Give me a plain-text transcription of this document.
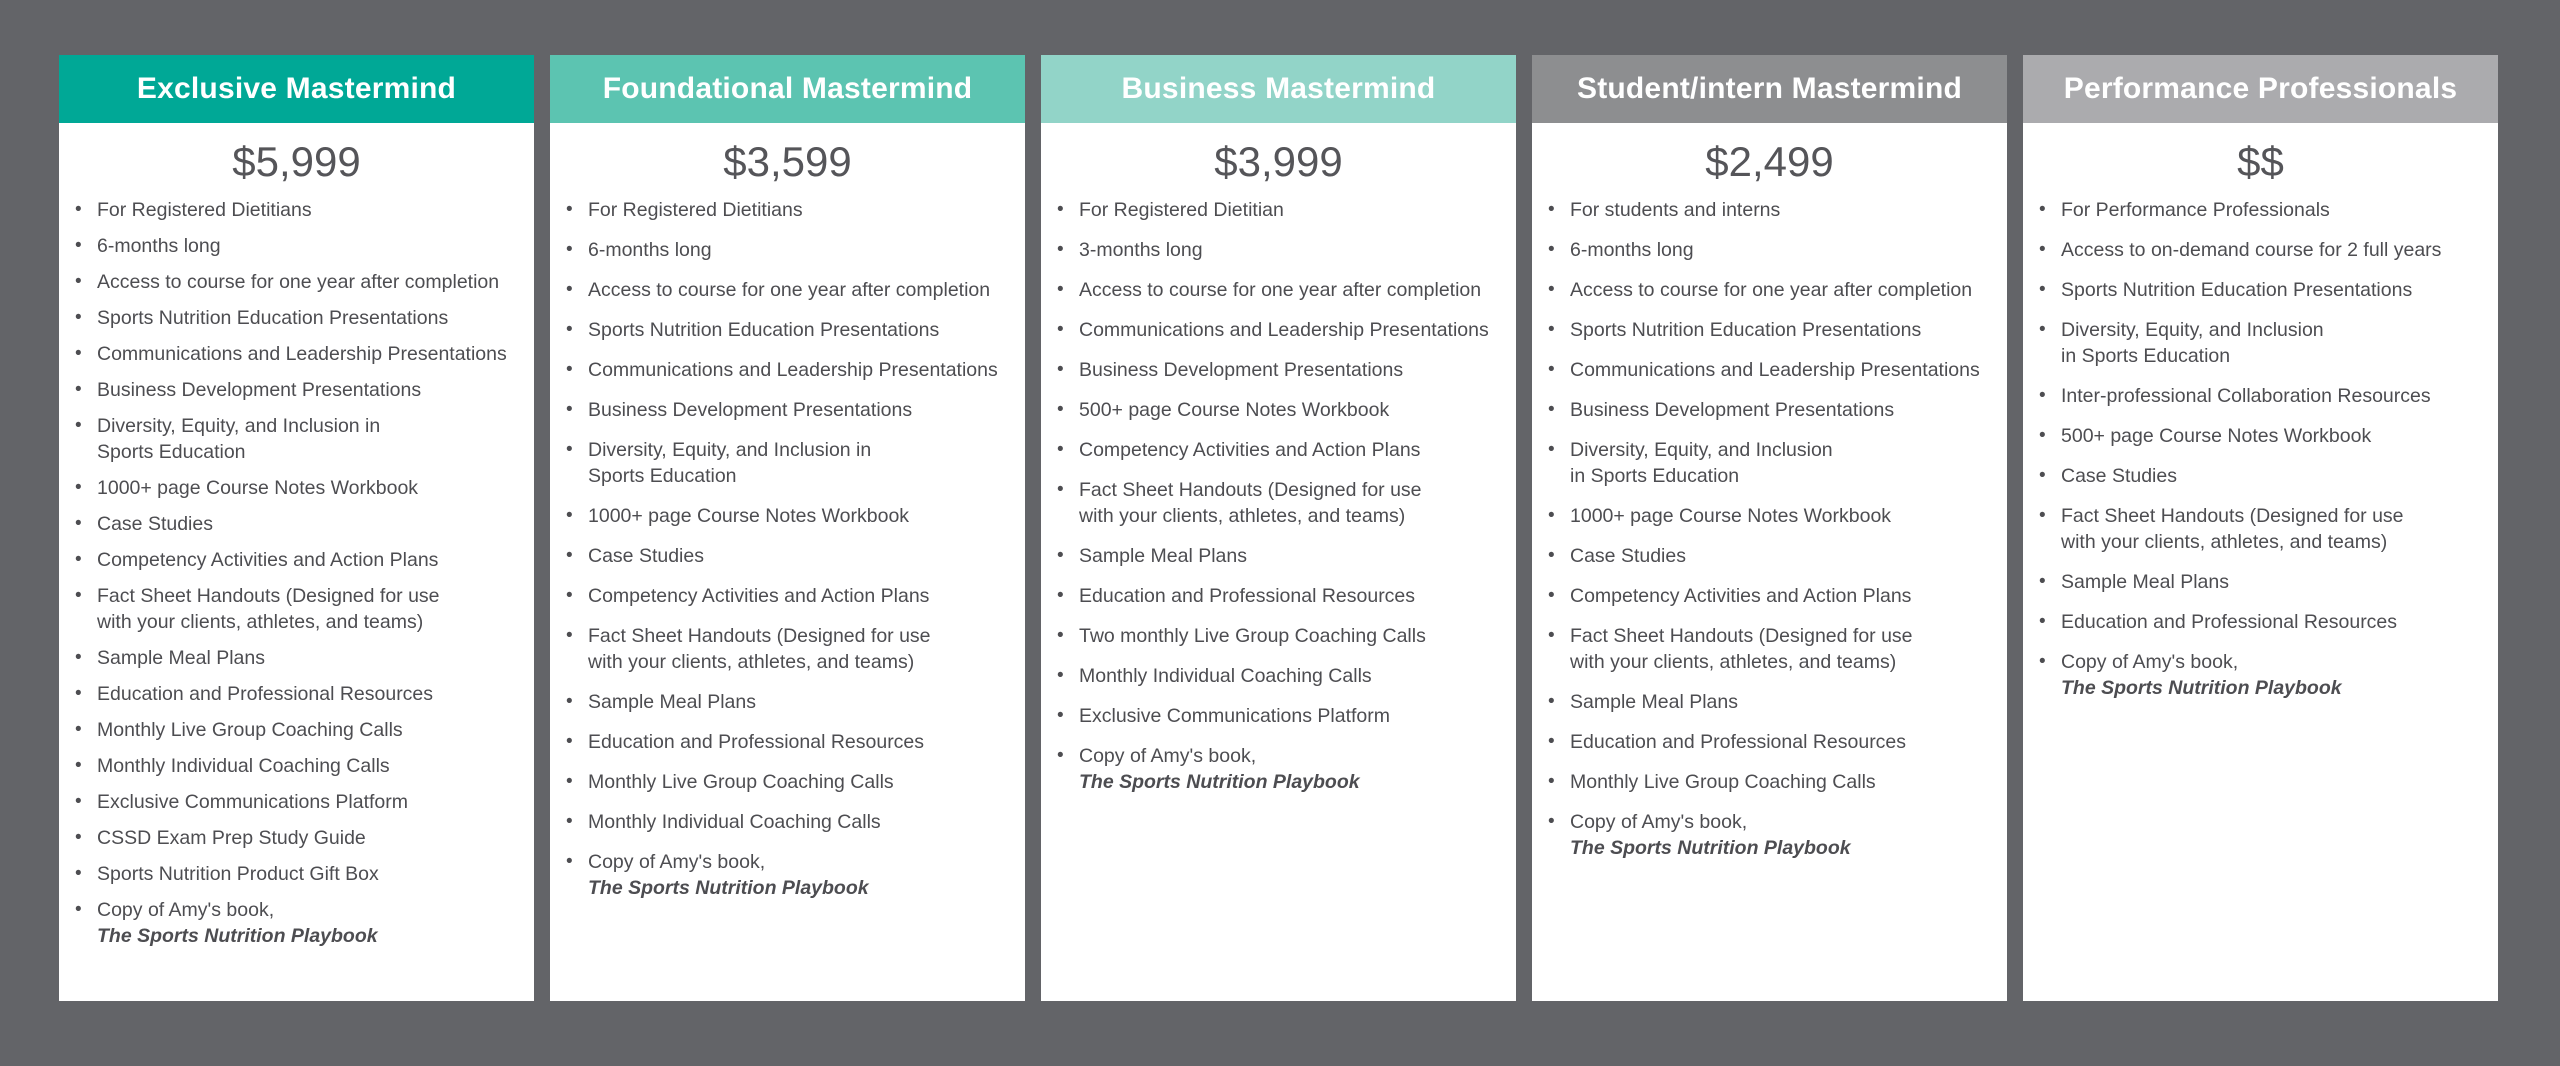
Exclusive Mastermind
$5,999
• For Registered Dietitians
• 6-months long
• Access to course for one year after completion
• Sports Nutrition Education Presentations
• Communications and Leadership Presentations
• Business Development Presentations
• Diversity, Equity, and Inclusion in
Sports Education
• 1000+ page Course Notes Workbook
• Case Studies
• Competency Activities and Action Plans
• Fact Sheet Handouts (Designed for use
with your clients, athletes, and teams)
• Sample Meal Plans
• Education and Professional Resources
• Monthly Live Group Coaching Calls
• Monthly Individual Coaching Calls
• Exclusive Communications Platform
• CSSD Exam Prep Study Guide
• Sports Nutrition Product Gift Box
• Copy of Amy's book,
The Sports Nutrition Playbook
Foundational Mastermind
$3,599
• For Registered Dietitians
• 6-months long
• Access to course for one year after completion
• Sports Nutrition Education Presentations
• Communications and Leadership Presentations
• Business Development Presentations
• Diversity, Equity, and Inclusion in
Sports Education
• 1000+ page Course Notes Workbook
• Case Studies
• Competency Activities and Action Plans
• Fact Sheet Handouts (Designed for use
with your clients, athletes, and teams)
• Sample Meal Plans
• Education and Professional Resources
• Monthly Live Group Coaching Calls
• Monthly Individual Coaching Calls
• Copy of Amy's book,
The Sports Nutrition Playbook
Business Mastermind
$3,999
• For Registered Dietitian
• 3-months long
• Access to course for one year after completion
• Communications and Leadership Presentations
• Business Development Presentations
• 500+ page Course Notes Workbook
• Competency Activities and Action Plans
• Fact Sheet Handouts (Designed for use
with your clients, athletes, and teams)
• Sample Meal Plans
• Education and Professional Resources
• Two monthly Live Group Coaching Calls
• Monthly Individual Coaching Calls
• Exclusive Communications Platform
• Copy of Amy's book,
The Sports Nutrition Playbook
Student/intern Mastermind
$2,499
• For students and interns
• 6-months long
• Access to course for one year after completion
• Sports Nutrition Education Presentations
• Communications and Leadership Presentations
• Business Development Presentations
• Diversity, Equity, and Inclusion
in Sports Education
• 1000+ page Course Notes Workbook
• Case Studies
• Competency Activities and Action Plans
• Fact Sheet Handouts (Designed for use
with your clients, athletes, and teams)
• Sample Meal Plans
• Education and Professional Resources
• Monthly Live Group Coaching Calls
• Copy of Amy's book,
The Sports Nutrition Playbook
Performance Professionals
$$
• For Performance Professionals
• Access to on-demand course for 2 full years
• Sports Nutrition Education Presentations
• Diversity, Equity, and Inclusion
in Sports Education
• Inter-professional Collaboration Resources
• 500+ page Course Notes Workbook
• Case Studies
• Fact Sheet Handouts (Designed for use
with your clients, athletes, and teams)
• Sample Meal Plans
• Education and Professional Resources
• Copy of Amy's book,
The Sports Nutrition Playbook
